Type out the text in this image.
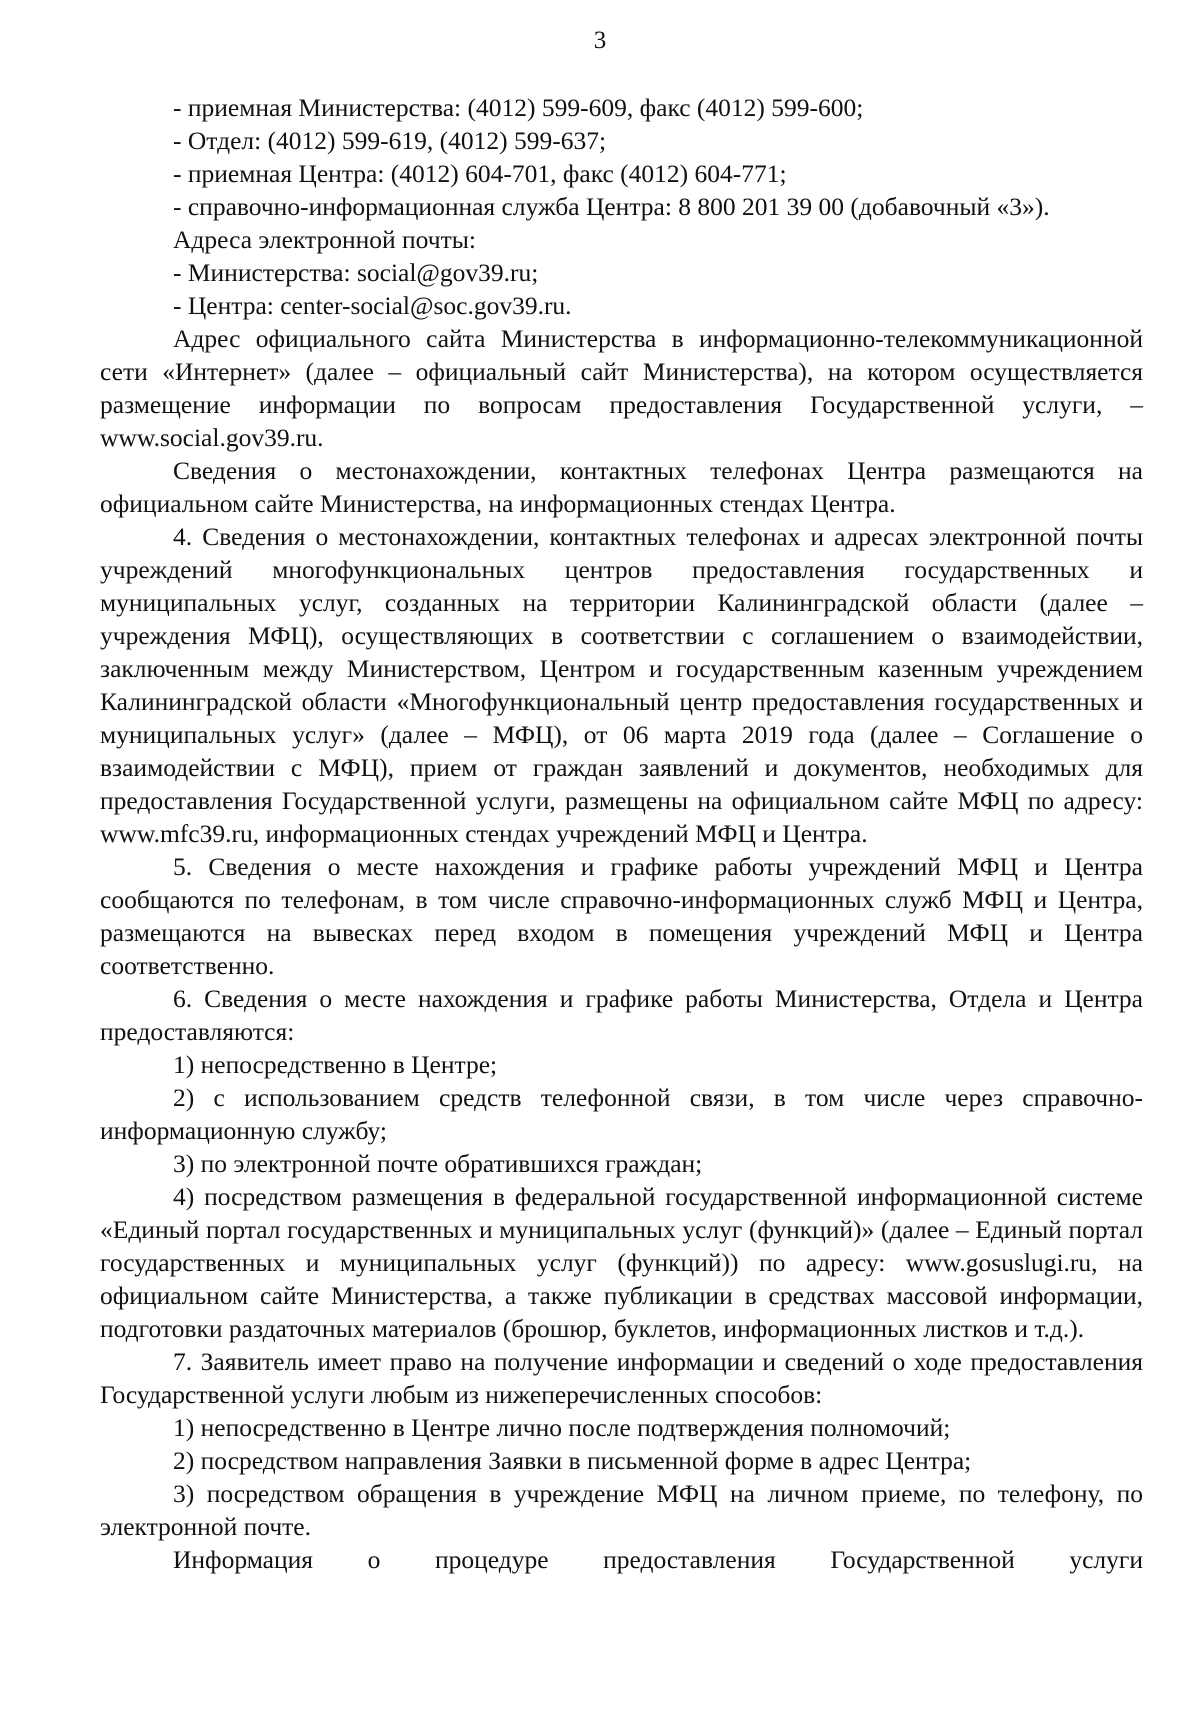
3
- приемная Министерства: (4012) 599-609, факс (4012) 599-600;
- Отдел: (4012) 599-619, (4012) 599-637;
- приемная Центра: (4012) 604-701, факс (4012) 604-771;
- справочно-информационная служба Центра: 8 800 201 39 00 (добавочный «3»).
Адреса электронной почты:
- Министерства: social@gov39.ru;
- Центра: center-social@soc.gov39.ru.

Адрес официального сайта Министерства в информационно-телекоммуникационной сети «Интернет» (далее – официальный сайт Министерства), на котором осуществляется размещение информации по вопросам предоставления Государственной услуги, – www.social.gov39.ru.

Сведения о местонахождении, контактных телефонах Центра размещаются на официальном сайте Министерства, на информационных стендах Центра.

4. Сведения о местонахождении, контактных телефонах и адресах электронной почты учреждений многофункциональных центров предоставления государственных и муниципальных услуг, созданных на территории Калининградской области (далее – учреждения МФЦ), осуществляющих в соответствии с соглашением о взаимодействии, заключенным между Министерством, Центром и государственным казенным учреждением Калининградской области «Многофункциональный центр предоставления государственных и муниципальных услуг» (далее – МФЦ), от 06 марта 2019 года (далее – Соглашение о взаимодействии с МФЦ), прием от граждан заявлений и документов, необходимых для предоставления Государственной услуги, размещены на официальном сайте МФЦ по адресу: www.mfc39.ru, информационных стендах учреждений МФЦ и Центра.

5. Сведения о месте нахождения и графике работы учреждений МФЦ и Центра сообщаются по телефонам, в том числе справочно-информационных служб МФЦ и Центра, размещаются на вывесках перед входом в помещения учреждений МФЦ и Центра соответственно.

6. Сведения о месте нахождения и графике работы Министерства, Отдела и Центра предоставляются:

1) непосредственно в Центре;

2) с использованием средств телефонной связи, в том числе через справочно-информационную службу;

3) по электронной почте обратившихся граждан;

4) посредством размещения в федеральной государственной информационной системе «Единый портал государственных и муниципальных услуг (функций)» (далее – Единый портал государственных и муниципальных услуг (функций)) по адресу: www.gosuslugi.ru, на официальном сайте Министерства, а также публикации в средствах массовой информации, подготовки раздаточных материалов (брошюр, буклетов, информационных листков и т.д.).

7. Заявитель имеет право на получение информации и сведений о ходе предоставления Государственной услуги любым из нижеперечисленных способов:

1) непосредственно в Центре лично после подтверждения полномочий;

2) посредством направления Заявки в письменной форме в адрес Центра;

3) посредством обращения в учреждение МФЦ на личном приеме, по телефону, по электронной почте.

Информация о процедуре предоставления Государственной услуги
